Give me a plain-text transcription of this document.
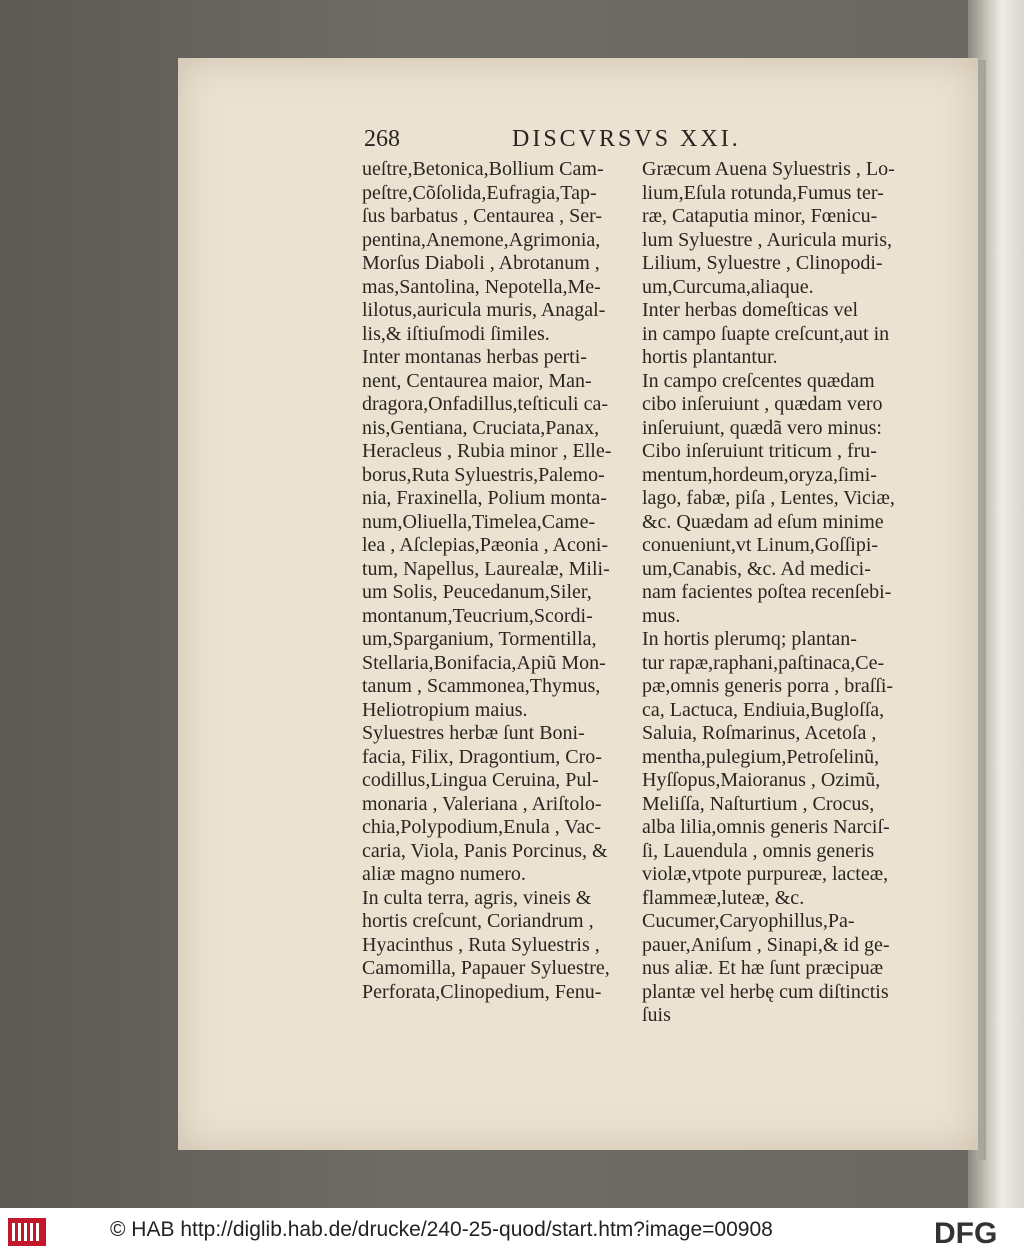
268	DISCVRSVS XXI.
ueſtre,Betonica,Bollium Cam-
peſtre,Cõſolida,Eufragia,Tap-
ſus barbatus , Centaurea , Ser-
pentina,Anemone,Agrimonia,
Morſus Diaboli , Abrotanum ,
mas,Santolina, Nepotella,Me-
lilotus,auricula muris, Anagal-
lis,& iſtiuſmodi ſimiles.
Inter montanas herbas perti-
nent, Centaurea maior, Man-
dragora,Onfadillus,teſticuli ca-
nis,Gentiana, Cruciata,Panax,
Heracleus , Rubia minor , Elle-
borus,Ruta Syluestris,Palemo-
nia, Fraxinella, Polium monta-
num,Oliuella,Timelea,Came-
lea , Aſclepias,Pæonia , Aconi-
tum, Napellus, Laurealæ, Mili-
um Solis, Peucedanum,Siler,
montanum,Teucrium,Scordi-
um,Sparganium, Tormentilla,
Stellaria,Bonifacia,Apiũ Mon-
tanum , Scammonea,Thymus,
Heliotropium maius.
Syluestres herbæ ſunt Boni-
facia, Filix, Dragontium, Cro-
codillus,Lingua Ceruina, Pul-
monaria , Valeriana , Ariſtolo-
chia,Polypodium,Enula , Vac-
caria, Viola, Panis Porcinus, &
aliæ magno numero.
In culta terra, agris, vineis &
hortis creſcunt, Coriandrum ,
Hyacinthus , Ruta Syluestris ,
Camomilla, Papauer Syluestre,
Perforata,Clinopedium, Fenu-
Græcum Auena Syluestris , Lo-
lium,Eſula rotunda,Fumus ter-
ræ, Cataputia minor, Fœnicu-
lum Syluestre , Auricula muris,
Lilium, Syluestre , Clinopodi-
um,Curcuma,aliaque.
Inter herbas domeſticas vel
in campo ſuapte creſcunt,aut in
hortis plantantur.
In campo creſcentes quædam
cibo inſeruiunt , quædam vero
inſeruiunt, quædã vero minus:
Cibo inſeruiunt triticum , fru-
mentum,hordeum,oryza,ſimi-
lago, fabæ, piſa , Lentes, Viciæ,
&c. Quædam ad eſum minime
conueniunt,vt Linum,Goſſipi-
um,Canabis, &c. Ad medici-
nam facientes poſtea recenſebi-
mus.
In hortis plerumq; plantan-
tur rapæ,raphani,paſtinaca,Ce-
pæ,omnis generis porra , braſſi-
ca, Lactuca, Endiuia,Bugloſſa,
Saluia, Roſmarinus, Acetoſa ,
mentha,pulegium,Petroſelinũ,
Hyſſopus,Maioranus , Ozimũ,
Meliſſa, Naſturtium , Crocus,
alba lilia,omnis generis Narciſ-
ſi, Lauendula , omnis generis
violæ,vtpote purpureæ, lacteæ,
flammeæ,luteæ, &c.
Cucumer,Caryophillus,Pa-
pauer,Aniſum , Sinapi,& id ge-
nus aliæ. Et hæ ſunt præcipuæ
plantæ vel herbę cum diſtinctis
ſuis
© HAB http://diglib.hab.de/drucke/240-25-quod/start.htm?image=00908	DFG
